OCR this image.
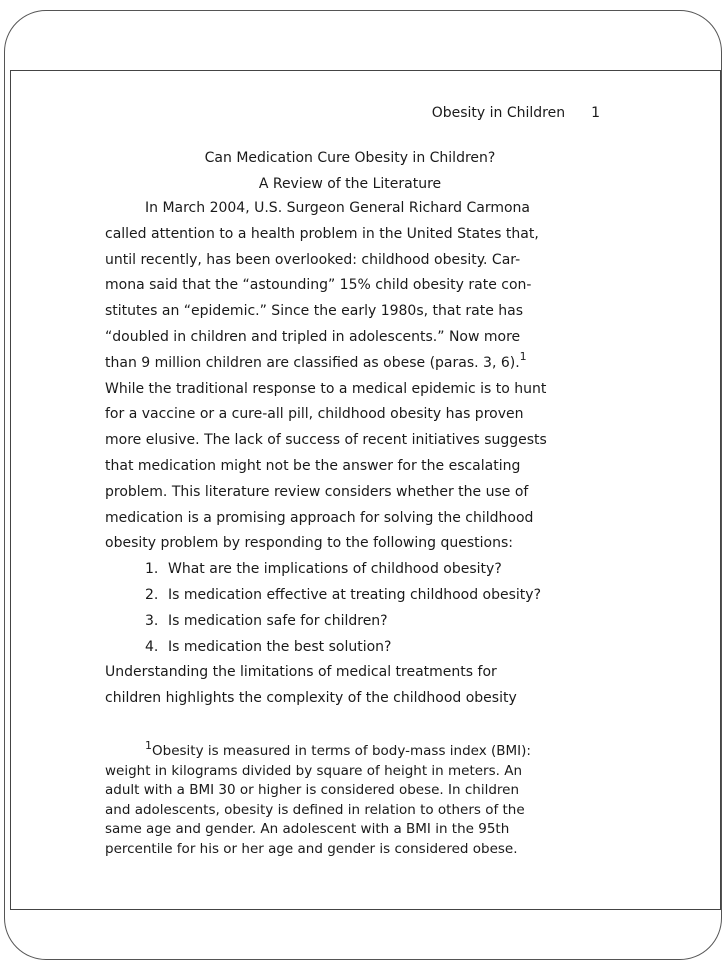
Obesity in Children 1
Can Medication Cure Obesity in Children?
A Review of the Literature
In March 2004, U.S. Surgeon General Richard Carmona
called attention to a health problem in the United States that,
until recently, has been overlooked: childhood obesity. Car-
mona said that the “astounding” 15% child obesity rate con-
stitutes an “epidemic.” Since the early 1980s, that rate has
“doubled in children and tripled in adolescents.” Now more
than 9 million children are classified as obese (paras. 3, 6).$^1$
While the traditional response to a medical epidemic is to hunt
for a vaccine or a cure-all pill, childhood obesity has proven
more elusive. The lack of success of recent initiatives suggests
that medication might not be the answer for the escalating
problem. This literature review considers whether the use of
medication is a promising approach for solving the childhood
obesity problem by responding to the following questions:
1. What are the implications of childhood obesity?
2. Is medication effective at treating childhood obesity?
3. Is medication safe for children?
4. Is medication the best solution?
Understanding the limitations of medical treatments for
children highlights the complexity of the childhood obesity
$^1$Obesity is measured in terms of body-mass index (BMI):
weight in kilograms divided by square of height in meters. An
adult with a BMI 30 or higher is considered obese. In children
and adolescents, obesity is defined in relation to others of the
same age and gender. An adolescent with a BMI in the 95th
percentile for his or her age and gender is considered obese.
